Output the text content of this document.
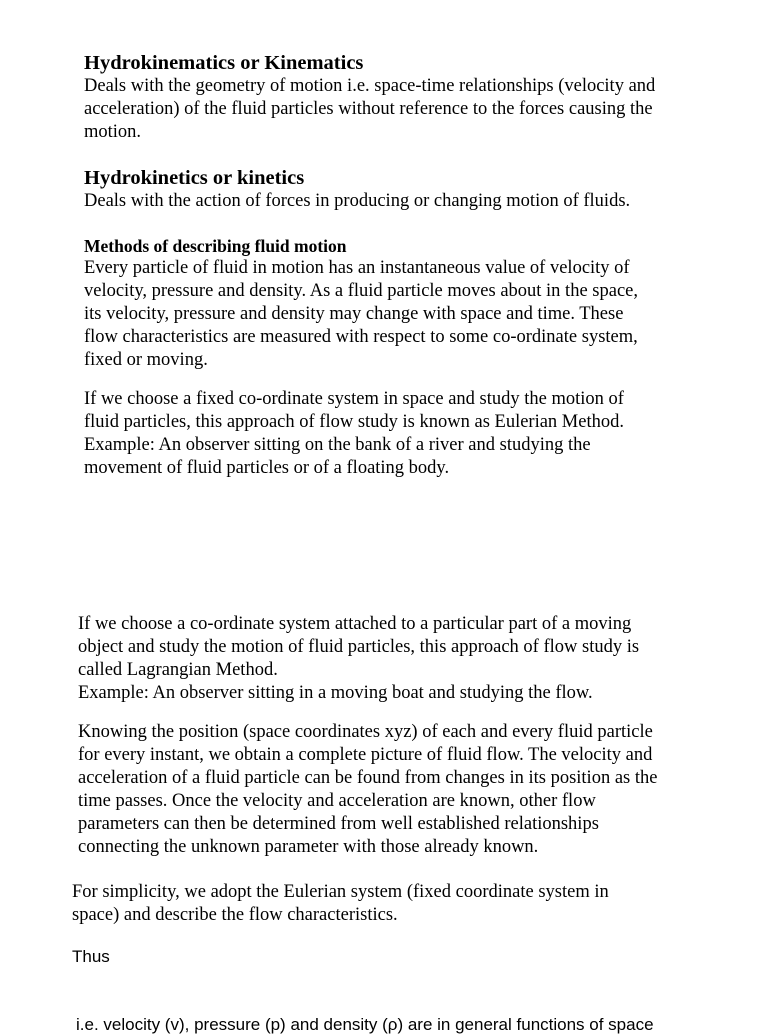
Hydrokinematics or Kinematics

Deals with the geometry of motion i.e. space-time relationships (velocity and

acceleration) of the fluid particles without reference to the forces causing the

motion.

Hydrokinetics or kinetics

Deals with the action of forces in producing or changing motion of fluids.

Methods of describing fluid motion

Every particle of fluid in motion has an instantaneous value of velocity of

velocity, pressure and density. As a fluid particle moves about in the space,

its velocity, pressure and density may change with space and time. These

flow characteristics are measured with respect to some co-ordinate system,

fixed or moving.

If we choose a fixed co-ordinate system in space and study the motion of

fluid particles, this approach of flow study is known as Eulerian Method.

Example: An observer sitting on the bank of a river and studying the

movement of fluid particles or of a floating body.

If we choose a co-ordinate system attached to a particular part of a moving

object and study the motion of fluid particles, this approach of flow study is

called Lagrangian Method.

Example: An observer sitting in a moving boat and studying the flow.

Knowing the position (space coordinates xyz) of each and every fluid particle

for every instant, we obtain a complete picture of fluid flow. The velocity and

acceleration of a fluid particle can be found from changes in its position as the

time passes. Once the velocity and acceleration are known, other flow

parameters can then be determined from well established relationships

connecting the unknown parameter with those already known.

For simplicity, we adopt the Eulerian system (fixed coordinate system in

space) and describe the flow characteristics.

Thus

i.e. velocity (v), pressure (p) and density (ρ) are in general functions of space
